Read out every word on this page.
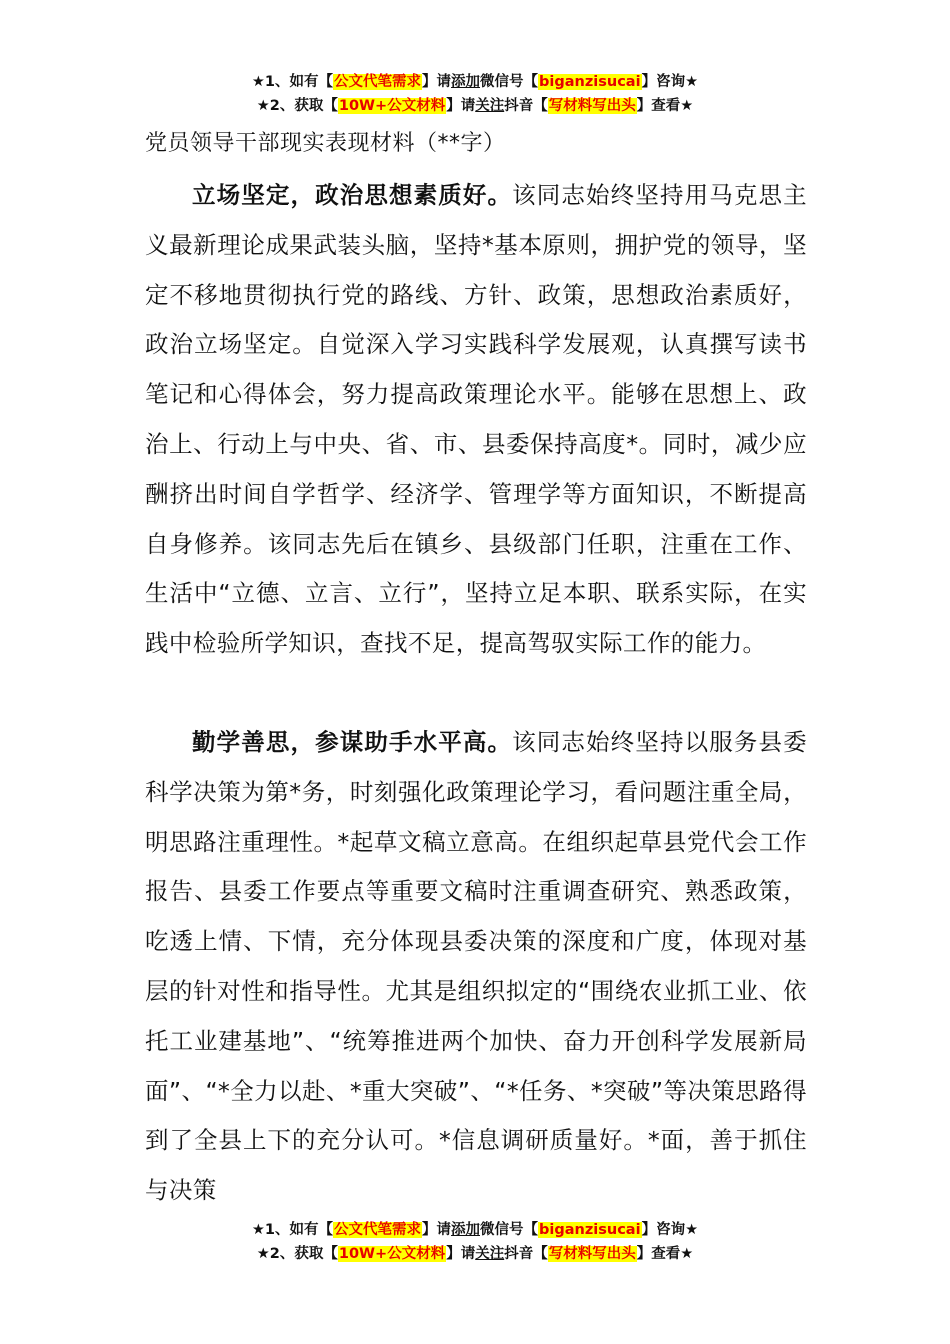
★1、如有【公文代笔需求】请添加微信号【biganzisucai】咨询★
★2、获取【10W+公文材料】请关注抖音【写材料写出头】查看★
党员领导干部现实表现材料（**字）

立场坚定，政治思想素质好。该同志始终坚持用马克思主义最新理论成果武装头脑，坚持*基本原则，拥护党的领导，坚定不移地贯彻执行党的路线、方针、政策，思想政治素质好，政治立场坚定。自觉深入学习实践科学发展观，认真撰写读书笔记和心得体会，努力提高政策理论水平。能够在思想上、政治上、行动上与中央、省、市、县委保持高度*。同时，减少应酬挤出时间自学哲学、经济学、管理学等方面知识，不断提高自身修养。该同志先后在镇乡、县级部门任职，注重在工作、生活中“立德、立言、立行”，坚持立足本职、联系实际，在实践中检验所学知识，查找不足，提高驾驭实际工作的能力。

勤学善思，参谋助手水平高。该同志始终坚持以服务县委科学决策为第*务，时刻强化政策理论学习，看问题注重全局，明思路注重理性。*起草文稿立意高。在组织起草县党代会工作报告、县委工作要点等重要文稿时注重调查研究、熟悉政策，吃透上情、下情，充分体现县委决策的深度和广度，体现对基层的针对性和指导性。尤其是组织拟定的“围绕农业抓工业、依托工业建基地”、“统筹推进两个加快、奋力开创科学发展新局面”、“*全力以赴、*重大突破”、“*任务、*突破”等决策思路得到了全县上下的充分认可。*信息调研质量好。*面，善于抓住与决策

★1、如有【公文代笔需求】请添加微信号【biganzisucai】咨询★
★2、获取【10W+公文材料】请关注抖音【写材料写出头】查看★
